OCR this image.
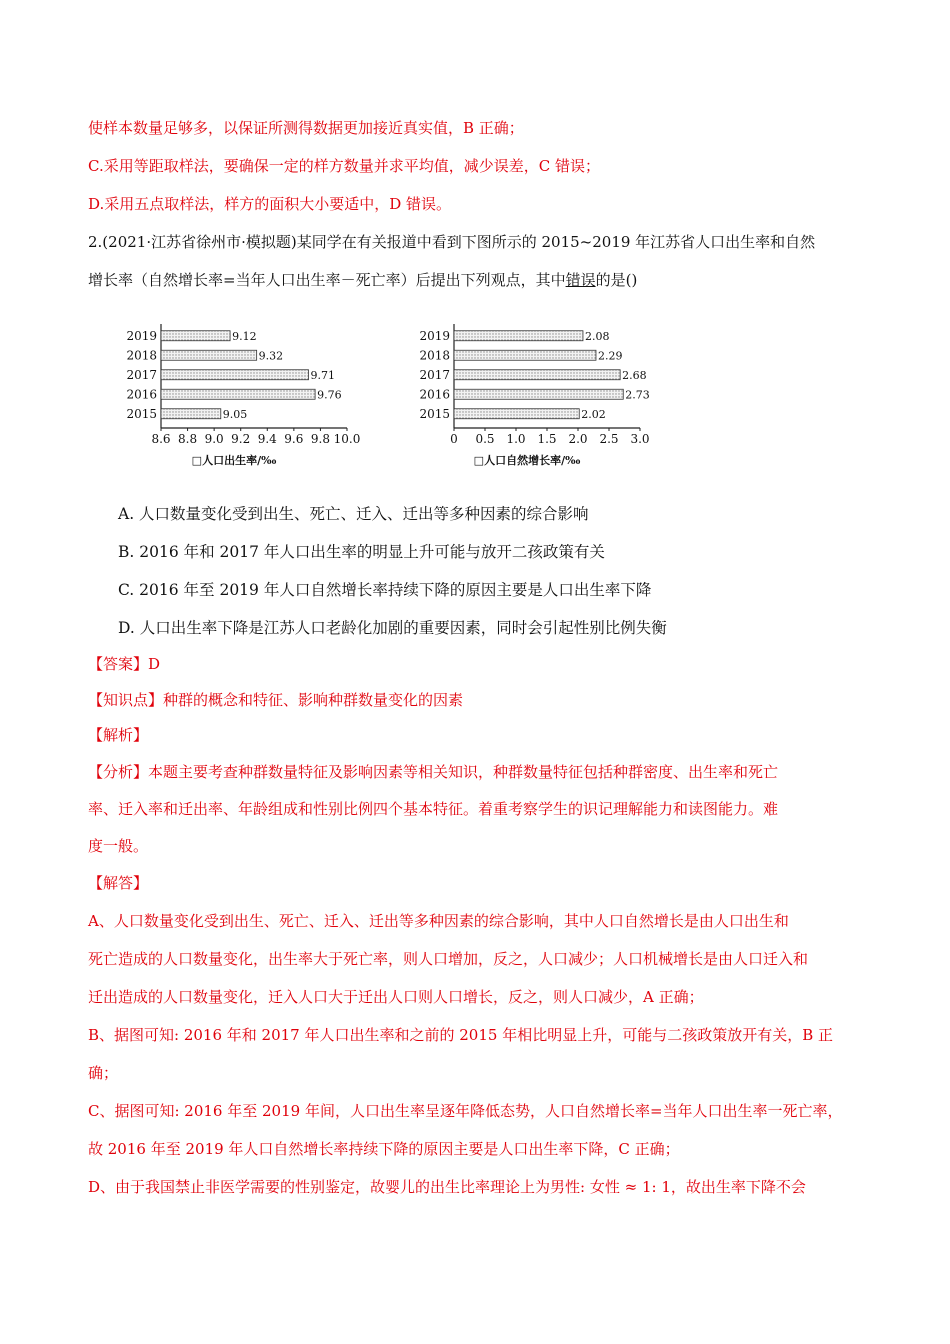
使样本数量足够多，以保证所测得数据更加接近真实值，B 正确；
C.采用等距取样法，要确保一定的样方数量并求平均值，减少误差，C 错误；
D.采用五点取样法，样方的面积大小要适中，D 错误。
2.(2021·江苏省徐州市·模拟题)某同学在有关报道中看到下图所示的 2015~2019 年江苏省人口出生率和自然
增长率（自然增长率=当年人口出生率－死亡率）后提出下列观点，其中错误的是()
2019	9.12
2018	9.32
2017	9.71
2016	9.76
2015	9.05
8.6 8.8 9.0 9.2 9.4 9.6 9.8 10.0
□人口出生率/‰
2019	2.08
2018	2.29
2017	2.68
2016	2.73
2015	2.02
0 0.5 1.0 1.5 2.0 2.5 3.0
□人口自然增长率/‰
A. 人口数量变化受到出生、死亡、迁入、迁出等多种因素的综合影响
B. 2016 年和 2017 年人口出生率的明显上升可能与放开二孩政策有关
C. 2016 年至 2019 年人口自然增长率持续下降的原因主要是人口出生率下降
D. 人口出生率下降是江苏人口老龄化加剧的重要因素，同时会引起性别比例失衡
【答案】D
【知识点】种群的概念和特征、影响种群数量变化的因素
【解析】
【分析】本题主要考查种群数量特征及影响因素等相关知识，种群数量特征包括种群密度、出生率和死亡
率、迁入率和迁出率、年龄组成和性别比例四个基本特征。着重考察学生的识记理解能力和读图能力。难
度一般。
【解答】
A、人口数量变化受到出生、死亡、迁入、迁出等多种因素的综合影响，其中人口自然增长是由人口出生和
死亡造成的人口数量变化，出生率大于死亡率，则人口增加，反之，人口减少；人口机械增长是由人口迁入和
迁出造成的人口数量变化，迁入人口大于迁出人口则人口增长，反之，则人口减少，A 正确；
B、据图可知: 2016 年和 2017 年人口出生率和之前的 2015 年相比明显上升，可能与二孩政策放开有关，B 正
确；
C、据图可知: 2016 年至 2019 年间，人口出生率呈逐年降低态势，人口自然增长率=当年人口出生率一死亡率，
故 2016 年至 2019 年人口自然增长率持续下降的原因主要是人口出生率下降，C 正确；
D、由于我国禁止非医学需要的性别鉴定，故婴儿的出生比率理论上为男性: 女性 ≈ 1: 1，故出生率下降不会
